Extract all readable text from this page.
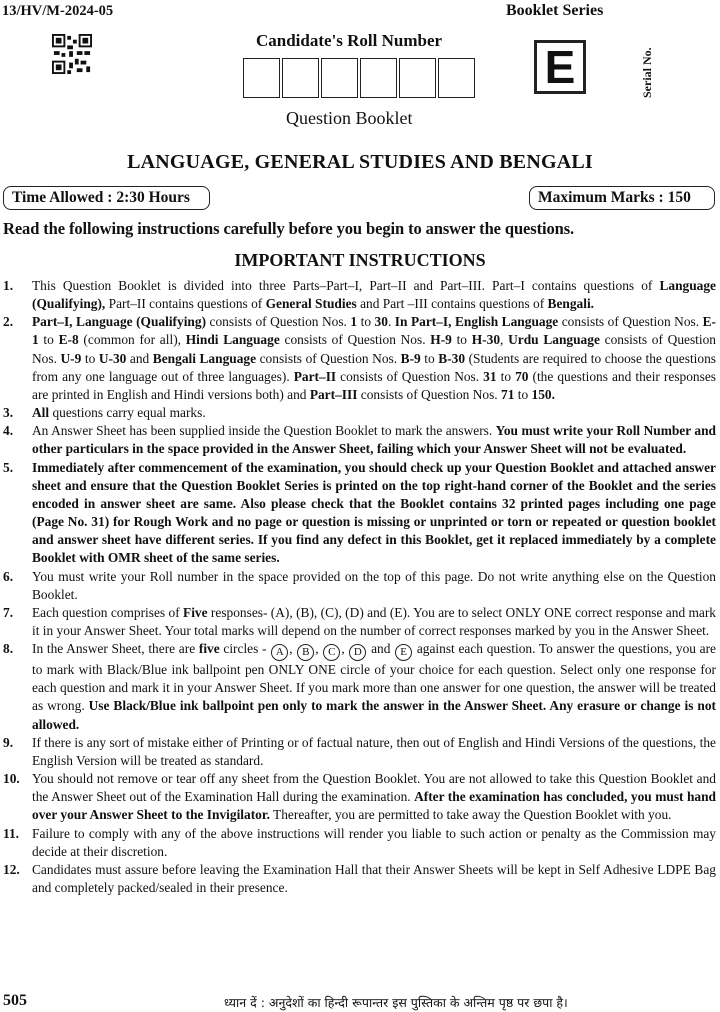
13/HV/M-2024-05	Booklet Series
Candidate's Roll Number
E	Serial No.
Question Booklet
LANGUAGE, GENERAL STUDIES AND BENGALI
Time Allowed : 2:30 Hours	Maximum Marks : 150
Read the following instructions carefully before you begin to answer the questions.
IMPORTANT INSTRUCTIONS
1.	This Question Booklet is divided into three Parts–Part–I, Part–II and Part–III. Part–I contains questions of Language (Qualifying), Part–II contains questions of General Studies and Part –III contains questions of Bengali.
2.	Part–I, Language (Qualifying) consists of Question Nos. 1 to 30. In Part–I, English Language consists of Question Nos. E-1 to E-8 (common for all), Hindi Language consists of Question Nos. H-9 to H-30, Urdu Language consists of Question Nos. U-9 to U-30 and Bengali Language consists of Question Nos. B-9 to B-30 (Students are required to choose the questions from any one language out of three languages). Part–II consists of Question Nos. 31 to 70 (the questions and their responses are printed in English and Hindi versions both) and Part–III consists of Question Nos. 71 to 150.
3.	All questions carry equal marks.
4.	An Answer Sheet has been supplied inside the Question Booklet to mark the answers. You must write your Roll Number and other particulars in the space provided in the Answer Sheet, failing which your Answer Sheet will not be evaluated.
5.	Immediately after commencement of the examination, you should check up your Question Booklet and attached answer sheet and ensure that the Question Booklet Series is printed on the top right-hand corner of the Booklet and the series encoded in answer sheet are same. Also please check that the Booklet contains 32 printed pages including one page (Page No. 31) for Rough Work and no page or question is missing or unprinted or torn or repeated or question booklet and answer sheet have different series. If you find any defect in this Booklet, get it replaced immediately by a complete Booklet with OMR sheet of the same series.
6.	You must write your Roll number in the space provided on the top of this page. Do not write anything else on the Question Booklet.
7.	Each question comprises of Five responses- (A), (B), (C), (D) and (E). You are to select ONLY ONE correct response and mark it in your Answer Sheet. Your total marks will depend on the number of correct responses marked by you in the Answer Sheet.
8.	In the Answer Sheet, there are five circles - A , B , C , D and E against each question. To answer the questions, you are to mark with Black/Blue ink ballpoint pen ONLY ONE circle of your choice for each question. Select only one response for each question and mark it in your Answer Sheet. If you mark more than one answer for one question, the answer will be treated as wrong. Use Black/Blue ink ballpoint pen only to mark the answer in the Answer Sheet. Any erasure or change is not allowed.
9.	If there is any sort of mistake either of Printing or of factual nature, then out of English and Hindi Versions of the questions, the English Version will be treated as standard.
10. You should not remove or tear off any sheet from the Question Booklet. You are not allowed to take this Question Booklet and the Answer Sheet out of the Examination Hall during the examination. After the examination has concluded, you must hand over your Answer Sheet to the Invigilator. Thereafter, you are permitted to take away the Question Booklet with you.
11. Failure to comply with any of the above instructions will render you liable to such action or penalty as the Commission may decide at their discretion.
12. Candidates must assure before leaving the Examination Hall that their Answer Sheets will be kept in Self Adhesive LDPE Bag and completely packed/sealed in their presence.
505	ध्यान दें : अनुदेशों का हिन्दी रूपान्तर इस पुस्तिका के अन्तिम पृष्ठ पर छपा है।
